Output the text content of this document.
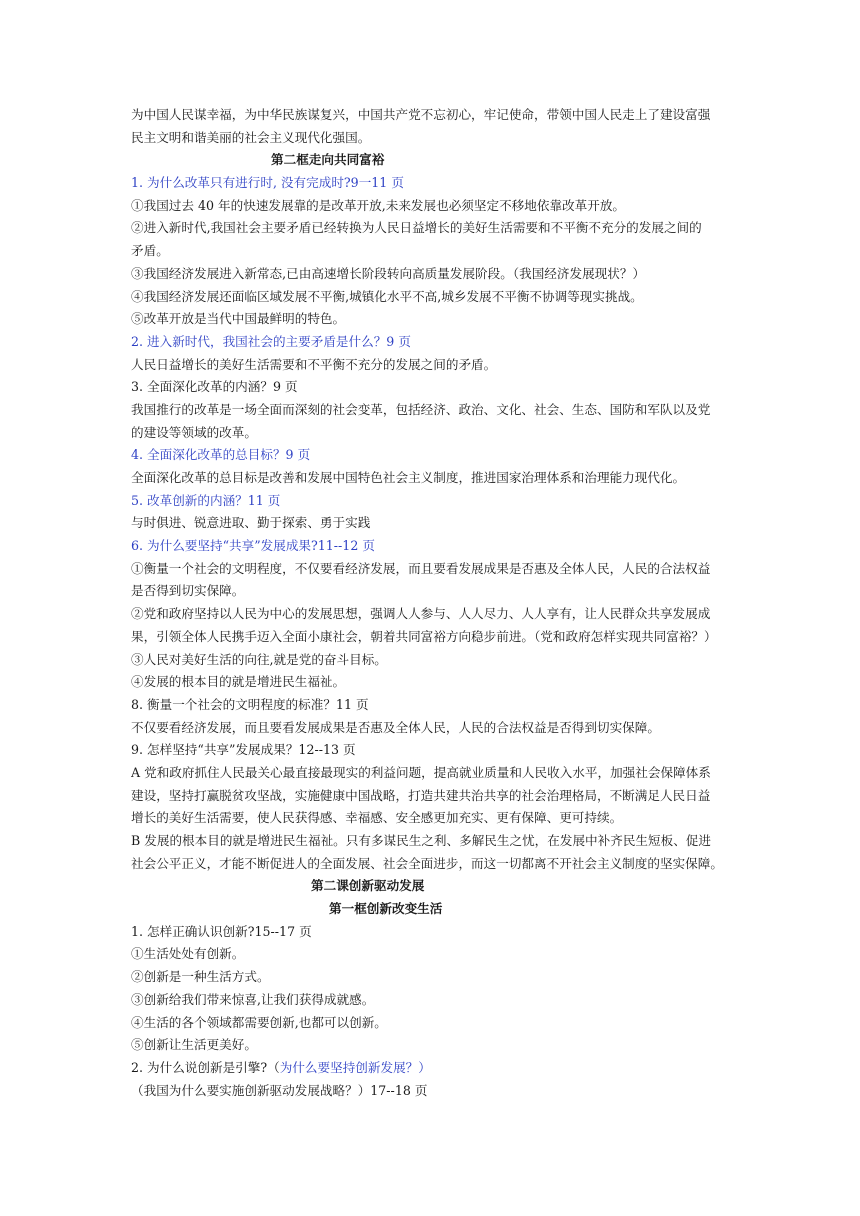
为中国人民谋幸福，为中华民族谋复兴，中国共产党不忘初心，牢记使命，带领中国人民走上了建设富强
民主文明和谐美丽的社会主义现代化强国。
第二框走向共同富裕
1. 为什么改革只有进行时, 没有完成时?9一11 页
①我国过去 40 年的快速发展靠的是改革开放,未来发展也必须坚定不移地依靠改革开放。
②进入新时代,我国社会主要矛盾已经转换为人民日益增长的美好生活需要和不平衡不充分的发展之间的
矛盾。
③我国经济发展进入新常态,已由高速增长阶段转向高质量发展阶段。（我国经济发展现状？）
④我国经济发展还面临区域发展不平衡,城镇化水平不高,城乡发展不平衡不协调等现实挑战。
⑤改革开放是当代中国最鲜明的特色。
2. 进入新时代，我国社会的主要矛盾是什么？9 页
人民日益增长的美好生活需要和不平衡不充分的发展之间的矛盾。
3. 全面深化改革的内涵？9 页
我国推行的改革是一场全面而深刻的社会变革，包括经济、政治、文化、社会、生态、国防和军队以及党
的建设等领域的改革。
4. 全面深化改革的总目标？9 页
全面深化改革的总目标是改善和发展中国特色社会主义制度，推进国家治理体系和治理能力现代化。
5. 改革创新的内涵？11 页
与时俱进、锐意进取、勤于探索、勇于实践
6. 为什么要坚持“共享”发展成果?11--12 页
①衡量一个社会的文明程度，不仅要看经济发展，而且要看发展成果是否惠及全体人民，人民的合法权益
是否得到切实保障。
②党和政府坚持以人民为中心的发展思想，强调人人参与、人人尽力、人人享有，让人民群众共享发展成
果，引领全体人民携手迈入全面小康社会，朝着共同富裕方向稳步前进。（党和政府怎样实现共同富裕？）
③人民对美好生活的向往,就是党的奋斗目标。
④发展的根本目的就是增进民生福祉。
8. 衡量一个社会的文明程度的标准？11 页
不仅要看经济发展，而且要看发展成果是否惠及全体人民，人民的合法权益是否得到切实保障。
9. 怎样坚持“共享”发展成果？12--13 页
A 党和政府抓住人民最关心最直接最现实的利益问题，提高就业质量和人民收入水平，加强社会保障体系
建设，坚持打赢脱贫攻坚战，实施健康中国战略，打造共建共治共享的社会治理格局，不断满足人民日益
增长的美好生活需要，使人民获得感、幸福感、安全感更加充实、更有保障、更可持续。
B 发展的根本目的就是增进民生福祉。只有多谋民生之利、多解民生之忧，在发展中补齐民生短板、促进
社会公平正义，才能不断促进人的全面发展、社会全面进步，而这一切都离不开社会主义制度的坚实保障。
第二课创新驱动发展
第一框创新改变生活
1. 怎样正确认识创新?15--17 页
①生活处处有创新。
②创新是一种生活方式。
③创新给我们带来惊喜,让我们获得成就感。
④生活的各个领域都需要创新,也都可以创新。
⑤创新让生活更美好。
2. 为什么说创新是引擎?（为什么要坚持创新发展？）
（我国为什么要实施创新驱动发展战略？）17--18 页
